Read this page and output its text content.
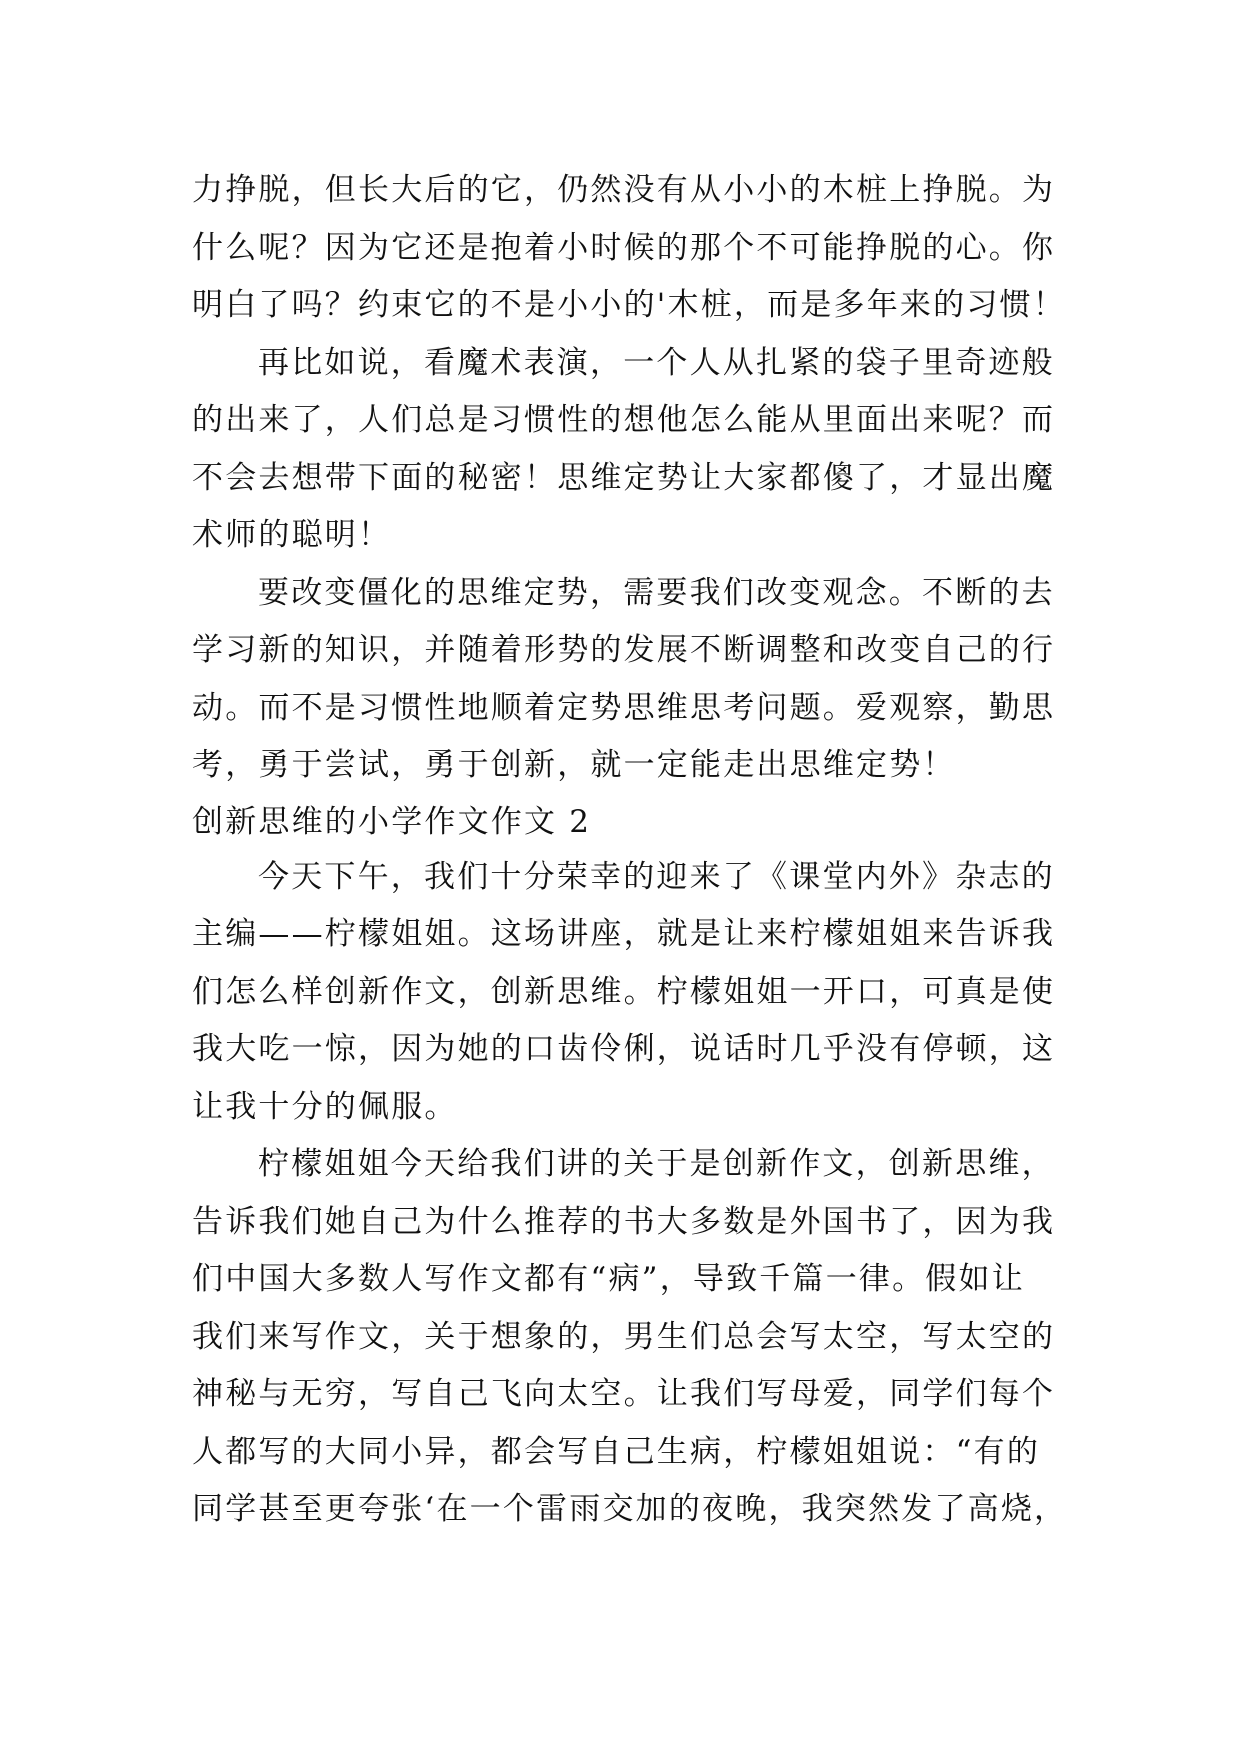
力挣脱，但长大后的它，仍然没有从小小的木桩上挣脱。为
什么呢？因为它还是抱着小时候的那个不可能挣脱的心。你
明白了吗？约束它的不是小小的'木桩，而是多年来的习惯！
再比如说，看魔术表演，一个人从扎紧的袋子里奇迹般
的出来了，人们总是习惯性的想他怎么能从里面出来呢？而
不会去想带下面的秘密！思维定势让大家都傻了，才显出魔
术师的聪明！
要改变僵化的思维定势，需要我们改变观念。不断的去
学习新的知识，并随着形势的发展不断调整和改变自己的行
动。而不是习惯性地顺着定势思维思考问题。爱观察，勤思
考，勇于尝试，勇于创新，就一定能走出思维定势！
创新思维的小学作文作文 2
今天下午，我们十分荣幸的迎来了《课堂内外》杂志的
主编——柠檬姐姐。这场讲座，就是让来柠檬姐姐来告诉我
们怎么样创新作文，创新思维。柠檬姐姐一开口，可真是使
我大吃一惊，因为她的口齿伶俐，说话时几乎没有停顿，这
让我十分的佩服。
柠檬姐姐今天给我们讲的关于是创新作文，创新思维，
告诉我们她自己为什么推荐的书大多数是外国书了，因为我
们中国大多数人写作文都有“病”，导致千篇一律。假如让
我们来写作文，关于想象的，男生们总会写太空，写太空的
神秘与无穷，写自己飞向太空。让我们写母爱，同学们每个
人都写的大同小异，都会写自己生病，柠檬姐姐说：“有的
同学甚至更夸张‘在一个雷雨交加的夜晚，我突然发了高烧，
